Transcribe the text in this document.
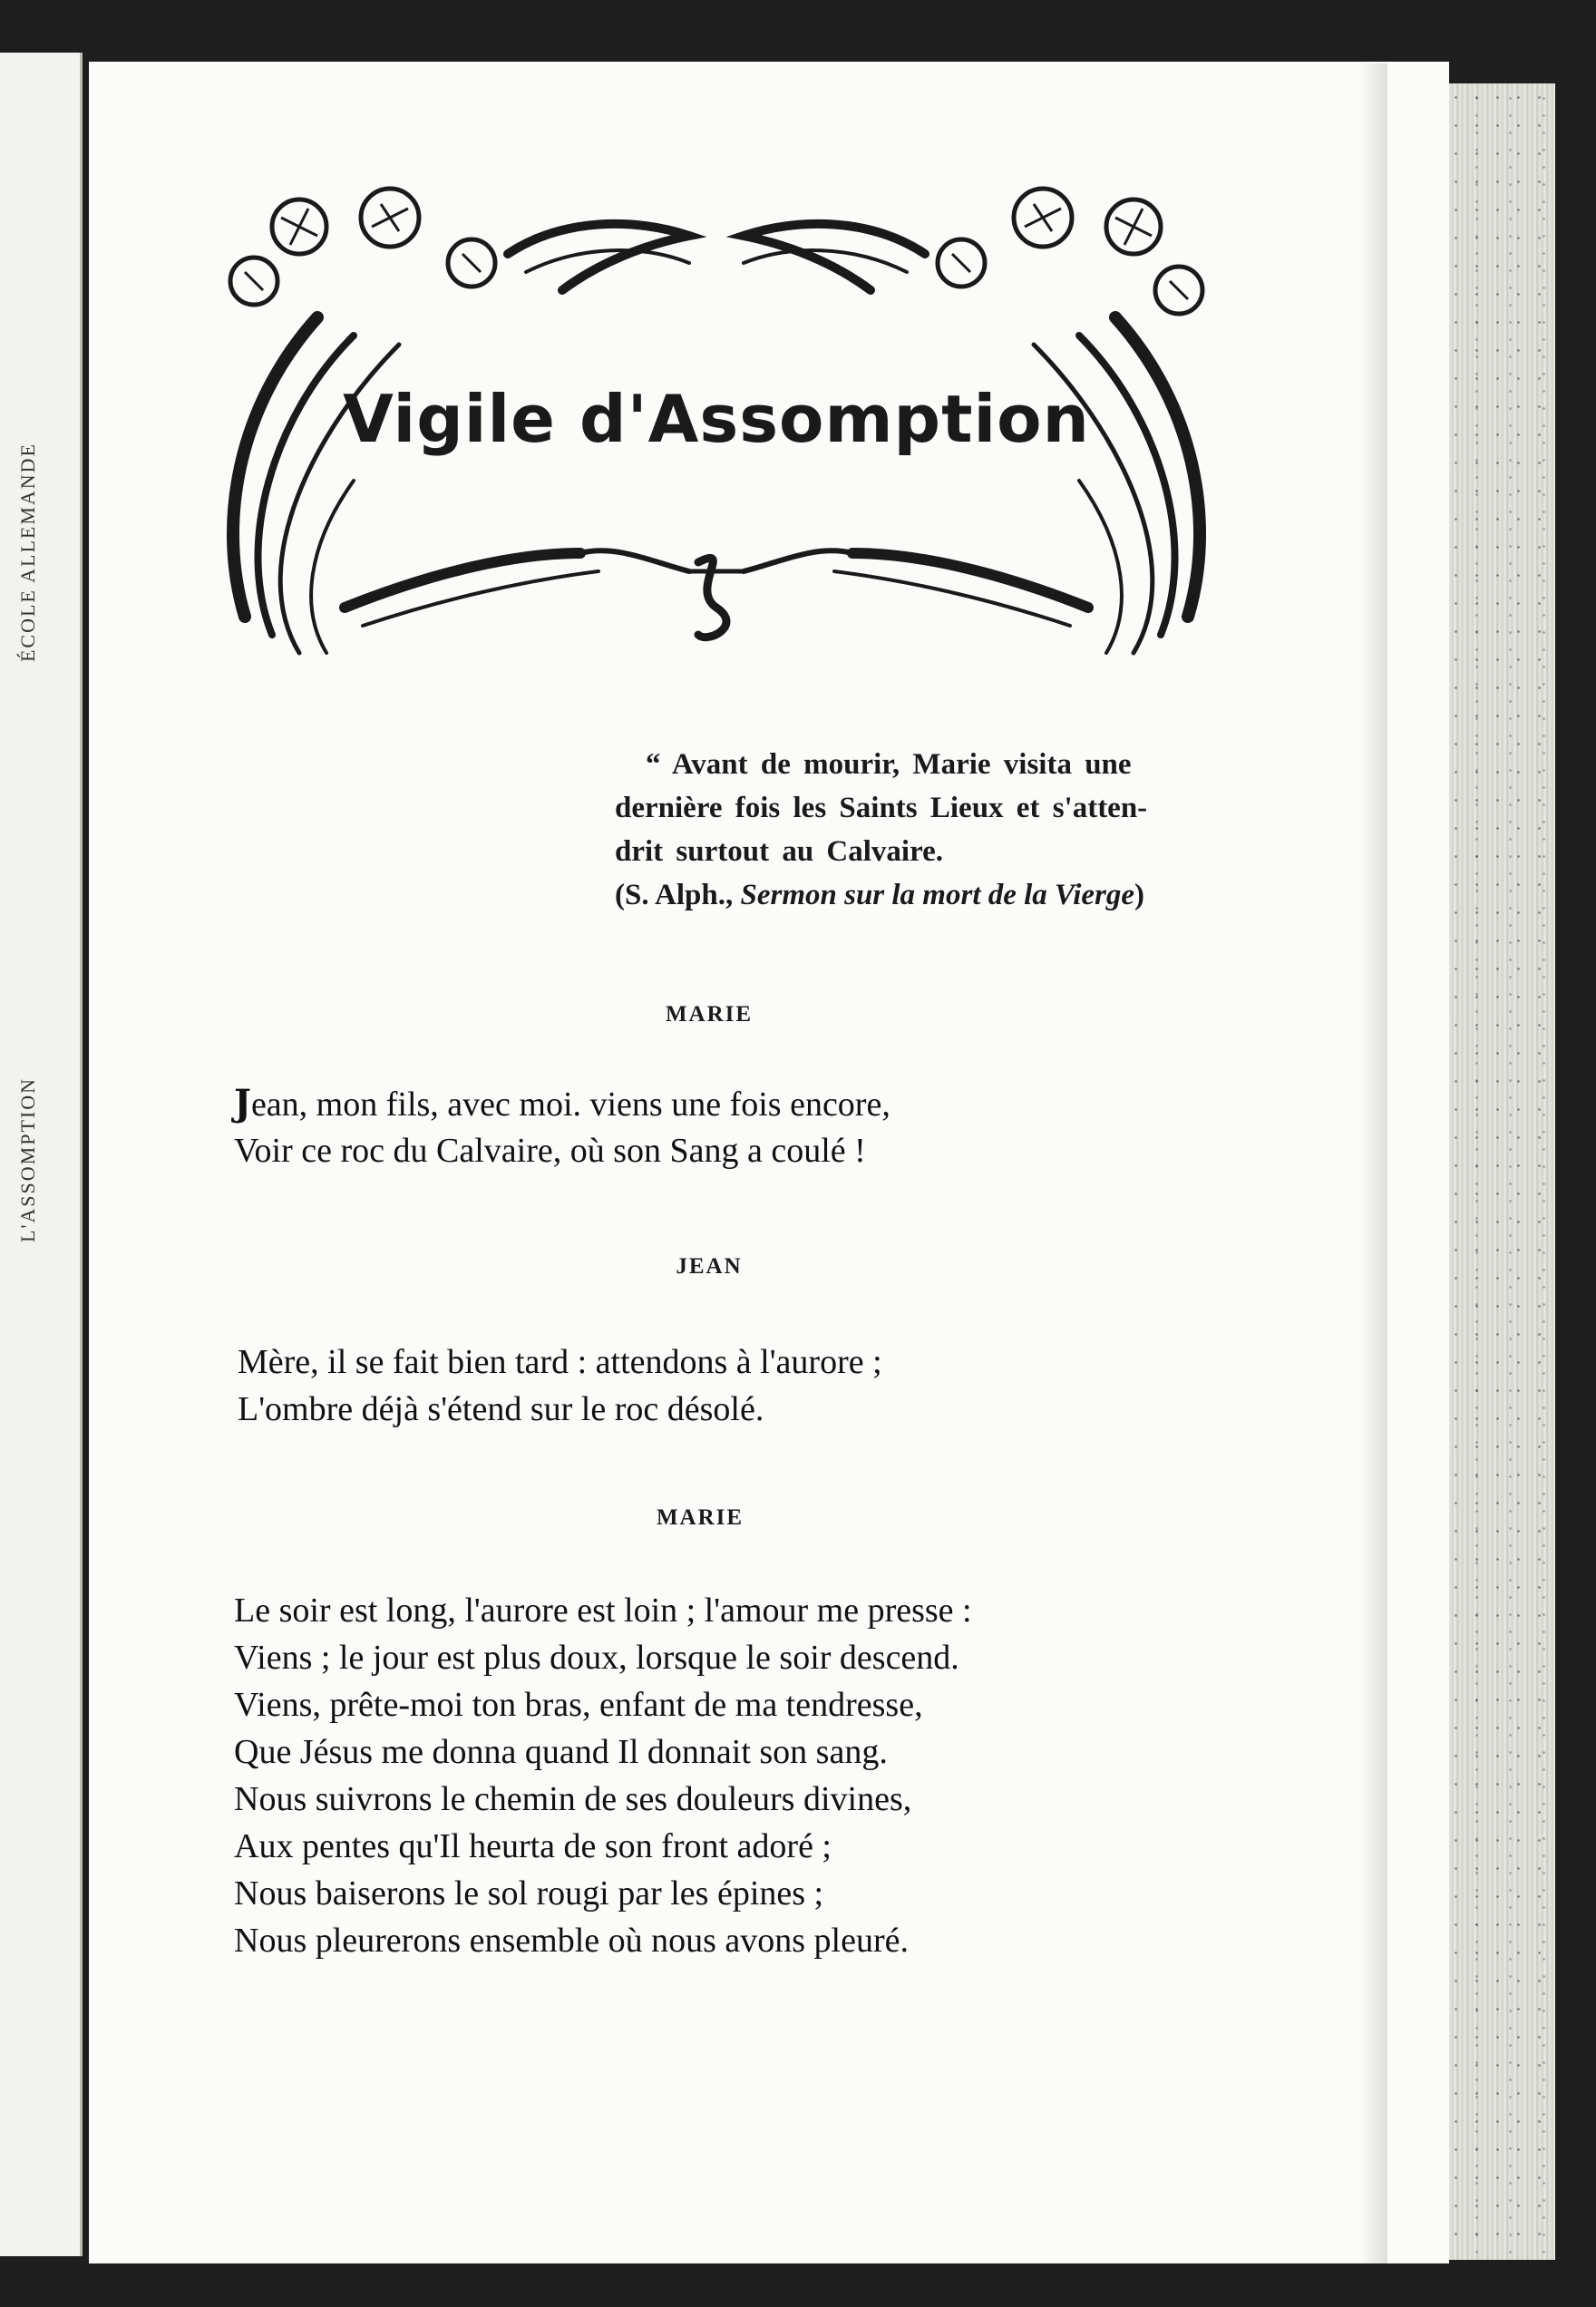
ÉCOLE ALLEMANDE
L'ASSOMPTION
Vigile d'Assomption
“ Avant de mourir, Marie visita une
dernière fois les Saints Lieux et s'atten-
drit surtout au Calvaire.
(S. Alph., Sermon sur la mort de la Vierge)
MARIE
Jean, mon fils, avec moi. viens une fois encore,
Voir ce roc du Calvaire, où son Sang a coulé !
JEAN
Mère, il se fait bien tard : attendons à l'aurore ;
L'ombre déjà s'étend sur le roc désolé.
MARIE
Le soir est long, l'aurore est loin ; l'amour me presse :
Viens ; le jour est plus doux, lorsque le soir descend.
Viens, prête-moi ton bras, enfant de ma tendresse,
Que Jésus me donna quand Il donnait son sang.
Nous suivrons le chemin de ses douleurs divines,
Aux pentes qu'Il heurta de son front adoré ;
Nous baiserons le sol rougi par les épines ;
Nous pleurerons ensemble où nous avons pleuré.
